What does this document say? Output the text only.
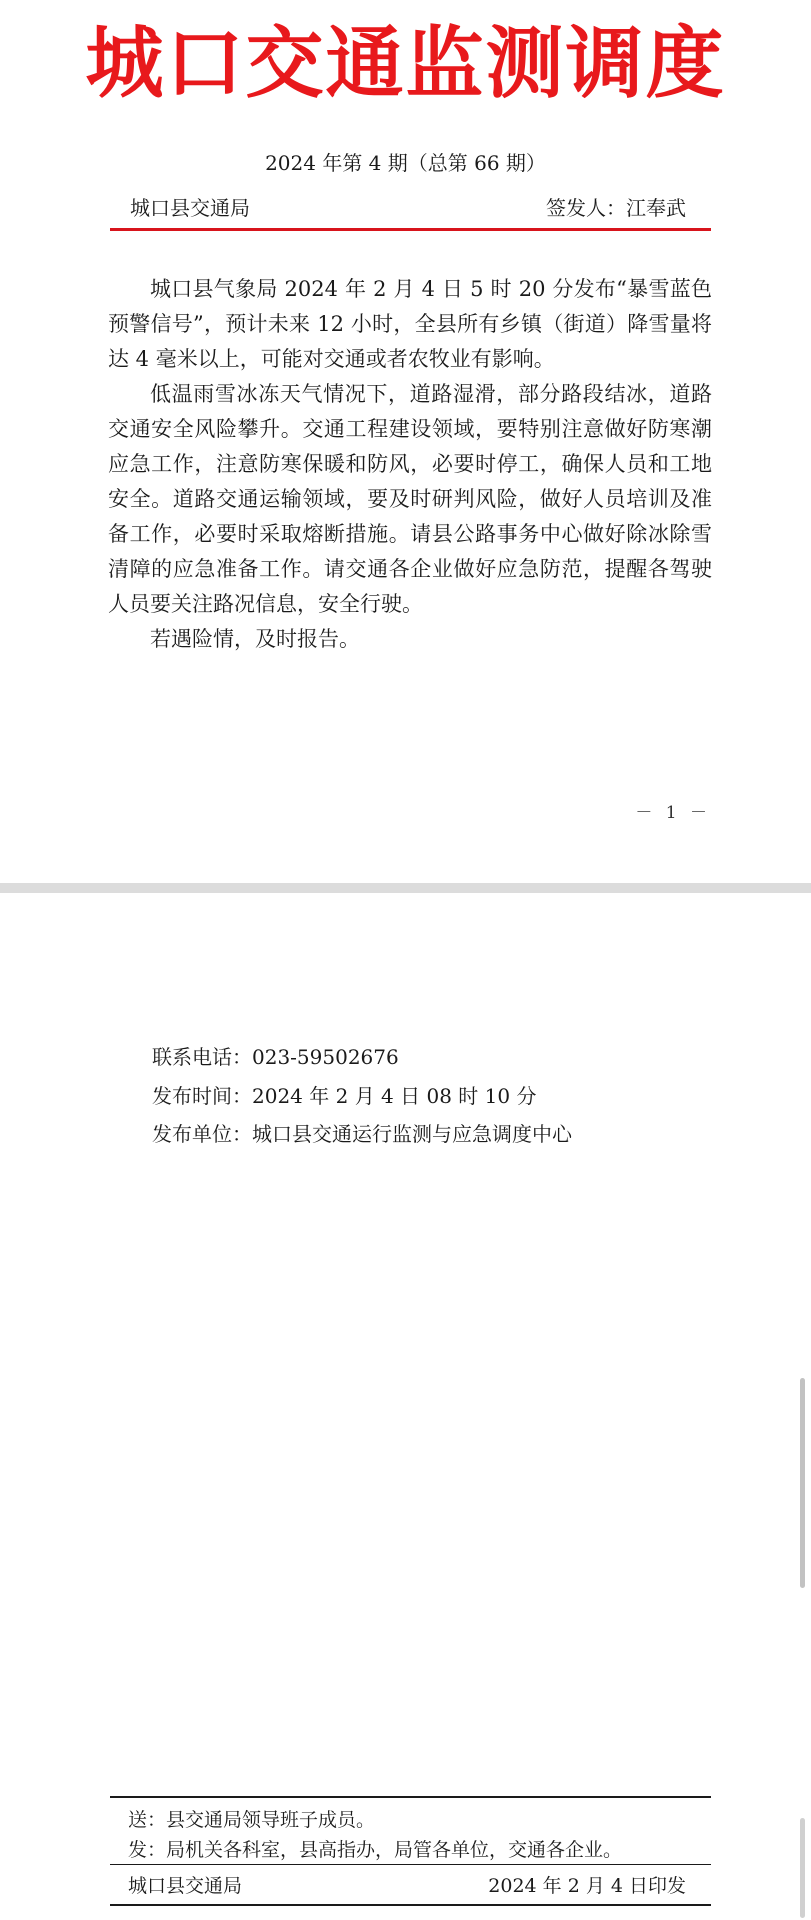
城口交通监测调度
2024 年第 4 期（总第 66 期）
城口县交通局	签发人：江奉武

城口县气象局 2024 年 2 月 4 日 5 时 20 分发布“暴雪蓝色预警信号”，预计未来 12 小时，全县所有乡镇（街道）降雪量将达 4 毫米以上，可能对交通或者农牧业有影响。

低温雨雪冰冻天气情况下，道路湿滑，部分路段结冰，道路交通安全风险攀升。交通工程建设领域，要特别注意做好防寒潮应急工作，注意防寒保暖和防风，必要时停工，确保人员和工地安全。道路交通运输领域，要及时研判风险，做好人员培训及准备工作，必要时采取熔断措施。请县公路事务中心做好除冰除雪清障的应急准备工作。请交通各企业做好应急防范，提醒各驾驶人员要关注路况信息，安全行驶。

若遇险情，及时报告。

－ 1 －
联系电话：023-59502676
发布时间：2024 年 2 月 4 日 08 时 10 分
发布单位：城口县交通运行监测与应急调度中心
送：县交通局领导班子成员。
发：局机关各科室，县高指办，局管各单位，交通各企业。
城口县交通局	2024 年 2 月 4 日印发
